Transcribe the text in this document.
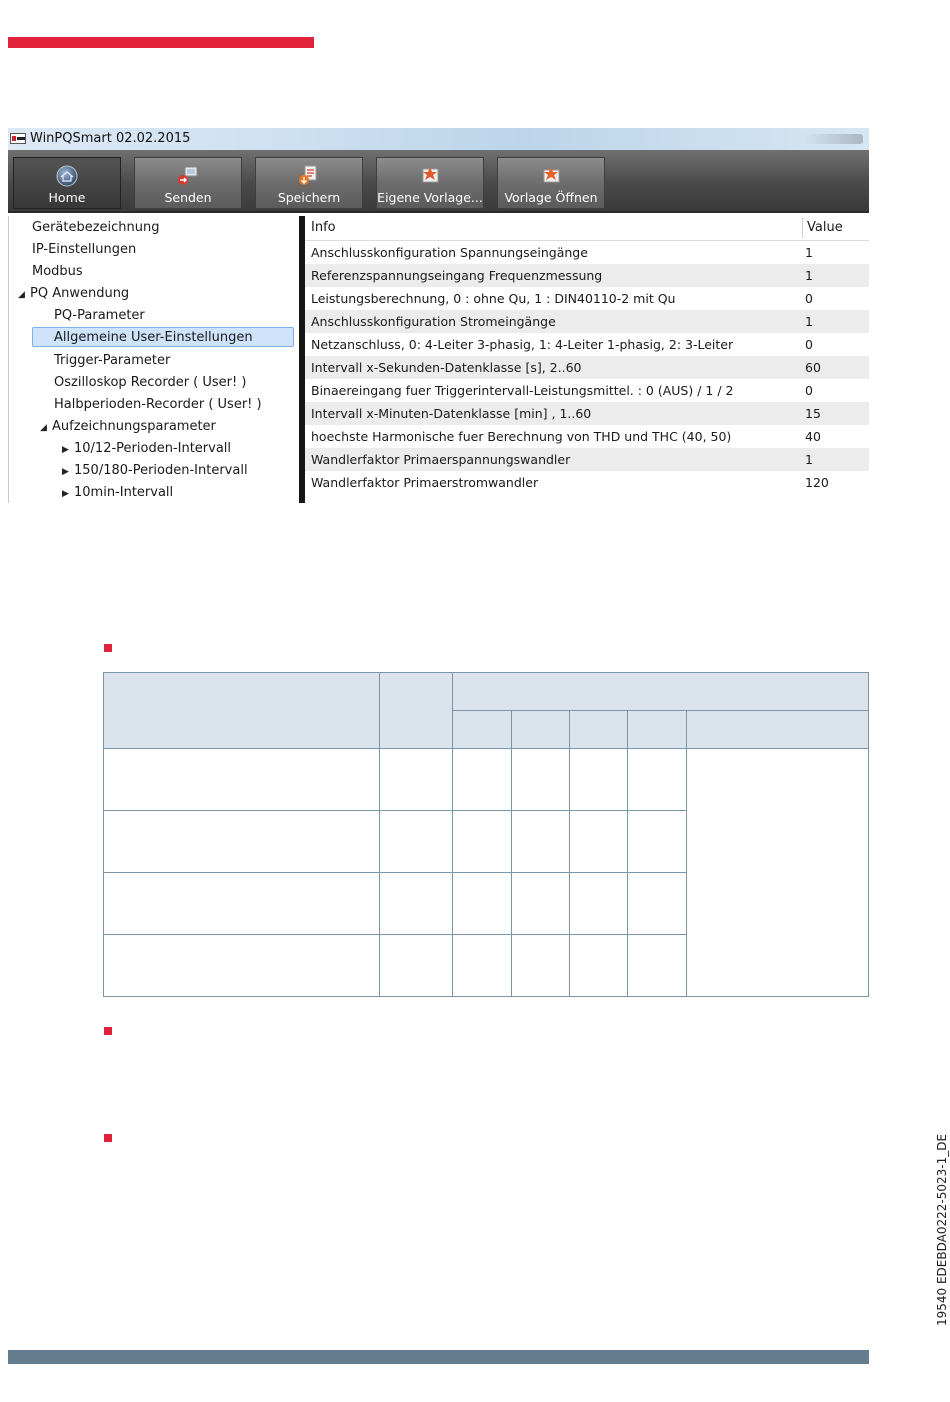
WinPQSmart 02.02.2015
Home	Senden	Speichern	Eigene Vorlage...	Vorlage Öffnen
Gerätebezeichnung
IP-Einstellungen
Modbus
◢ PQ Anwendung
PQ-Parameter
Allgemeine User-Einstellungen
Trigger-Parameter
Oszilloskop Recorder ( User! )
Halbperioden-Recorder ( User! )
◢ Aufzeichnungsparameter
▶ 10/12-Perioden-Intervall
▶ 150/180-Perioden-Intervall
▶ 10min-Intervall
Info	Value
Anschlusskonfiguration Spannungseingänge	1
Referenzspannungseingang Frequenzmessung	1
Leistungsberechnung, 0 : ohne Qu, 1 : DIN40110-2 mit Qu	0
Anschlusskonfiguration Stromeingänge	1
Netzanschluss, 0: 4-Leiter 3-phasig, 1: 4-Leiter 1-phasig, 2: 3-Leiter	0
Intervall x-Sekunden-Datenklasse [s], 2..60	60
Binaereingang fuer Triggerintervall-Leistungsmittel. : 0 (AUS) / 1 / 2	0
Intervall x-Minuten-Datenklasse [min] , 1..60	15
hoechste Harmonische fuer Berechnung von THD und THC (40, 50)	40
Wandlerfaktor Primaerspannungswandler	1
Wandlerfaktor Primaerstromwandler	120
19540 EDEBDA0222-5023-1_DE
